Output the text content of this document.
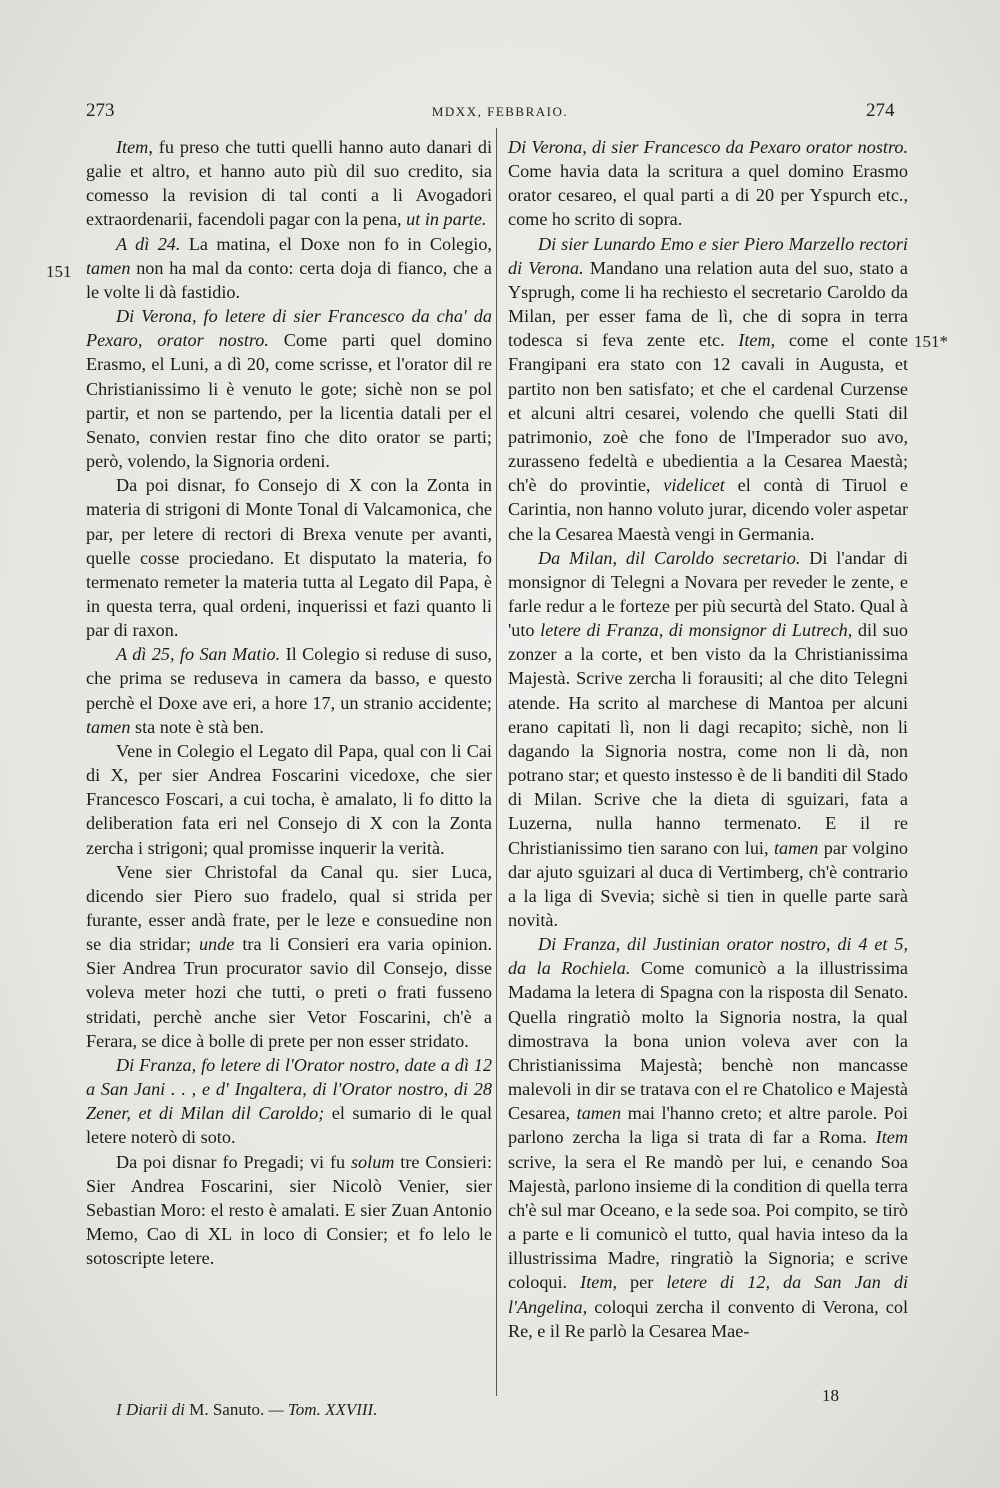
273	MDXX, FEBBRAIO.	274
151
151*

Item, fu preso che tutti quelli hanno auto danari di galie et altro, et hanno auto più dil suo credito, sia comesso la revision di tal conti a li Avogadori extraordenarii, facendoli pagar con la pena, ut in parte.

A dì 24. La matina, el Doxe non fo in Colegio, tamen non ha mal da conto: certa doja di fianco, che a le volte li dà fastidio.

Di Verona, fo letere di sier Francesco da cha' da Pexaro, orator nostro. Come parti quel domino Erasmo, el Luni, a dì 20, come scrisse, et l'orator dil re Christianissimo li è venuto le gote; sichè non se pol partir, et non se partendo, per la licentia datali per el Senato, convien restar fino che dito orator se parti; però, volendo, la Signoria ordeni.

Da poi disnar, fo Consejo di X con la Zonta in materia di strigoni di Monte Tonal di Valcamonica, che par, per letere di rectori di Brexa venute per avanti, quelle cosse prociedano. Et disputato la materia, fo termenato remeter la materia tutta al Legato dil Papa, è in questa terra, qual ordeni, inquerissi et fazi quanto li par di raxon.

A dì 25, fo San Matio. Il Colegio si reduse di suso, che prima se reduseva in camera da basso, e questo perchè el Doxe ave eri, a hore 17, un stranio accidente; tamen sta note è stà ben.

Vene in Colegio el Legato dil Papa, qual con li Cai di X, per sier Andrea Foscarini vicedoxe, che sier Francesco Foscari, a cui tocha, è amalato, li fo ditto la deliberation fata eri nel Consejo di X con la Zonta zercha i strigoni; qual promisse inquerir la verità.

Vene sier Christofal da Canal qu. sier Luca, dicendo sier Piero suo fradelo, qual si strida per furante, esser andà frate, per le leze e consuedine non se dia stridar; unde tra li Consieri era varia opinion. Sier Andrea Trun procurator savio dil Consejo, disse voleva meter hozi che tutti, o preti o frati fusseno stridati, perchè anche sier Vetor Foscarini, ch'è a Ferara, se dice à bolle di prete per non esser stridato.

Di Franza, fo letere di l'Orator nostro, date a dì 12 a San Jani . . , e d' Ingaltera, di l'Orator nostro, di 28 Zener, et di Milan dil Caroldo; el sumario di le qual letere noterò di soto.

Da poi disnar fo Pregadi; vi fu solum tre Consieri: Sier Andrea Foscarini, sier Nicolò Venier, sier Sebastian Moro: el resto è amalati. E sier Zuan Antonio Memo, Cao di XL in loco di Consier; et fo lelo le sotoscripte letere.

Di Verona, di sier Francesco da Pexaro orator nostro. Come havia data la scritura a quel domino Erasmo orator cesareo, el qual parti a di 20 per Yspurch etc., come ho scrito di sopra.

Di sier Lunardo Emo e sier Piero Marzello rectori di Verona. Mandano una relation auta del suo, stato a Ysprugh, come li ha rechiesto el secretario Caroldo da Milan, per esser fama de lì, che di sopra in terra todesca si feva zente etc. Item, come el conte Frangipani era stato con 12 cavali in Augusta, et partito non ben satisfato; et che el cardenal Curzense et alcuni altri cesarei, volendo che quelli Stati dil patrimonio, zoè che fono de l'Imperador suo avo, zurasseno fedeltà e ubedientia a la Cesarea Maestà; ch'è do provintie, videlicet el contà di Tiruol e Carintia, non hanno voluto jurar, dicendo voler aspetar che la Cesarea Maestà vengi in Germania.

Da Milan, dil Caroldo secretario. Di l'andar di monsignor di Telegni a Novara per reveder le zente, e farle redur a le forteze per più securtà del Stato. Qual à 'uto letere di Franza, di monsignor di Lutrech, dil suo zonzer a la corte, et ben visto da la Christianissima Majestà. Scrive zercha li forausiti; al che dito Telegni atende. Ha scrito al marchese di Mantoa per alcuni erano capitati lì, non li dagi recapito; sichè, non li dagando la Signoria nostra, come non li dà, non potrano star; et questo instesso è de li banditi dil Stado di Milan. Scrive che la dieta di sguizari, fata a Luzerna, nulla hanno termenato. E il re Christianissimo tien sarano con lui, tamen par volgino dar ajuto sguizari al duca di Vertimberg, ch'è contrario a la liga di Svevia; sichè si tien in quelle parte sarà novità.

Di Franza, dil Justinian orator nostro, di 4 et 5, da la Rochiela. Come comunicò a la illustrissima Madama la letera di Spagna con la risposta dil Senato. Quella ringratiò molto la Signoria nostra, la qual dimostrava la bona union voleva aver con la Christianissima Majestà; benchè non mancasse malevoli in dir se tratava con el re Chatolico e Majestà Cesarea, tamen mai l'hanno creto; et altre parole. Poi parlono zercha la liga si trata di far a Roma. Item scrive, la sera el Re mandò per lui, e cenando Soa Majestà, parlono insieme di la condition di quella terra ch'è sul mar Oceano, e la sede soa. Poi compito, se tirò a parte e li comunicò el tutto, qual havia inteso da la illustrissima Madre, ringratiò la Signoria; e scrive coloqui. Item, per letere di 12, da San Jan di l'Angelina, coloqui zercha il convento di Verona, col Re, e il Re parlò la Cesarea Mae-

I Diarii di M. Sanuto. — Tom. XXVIII.
18
